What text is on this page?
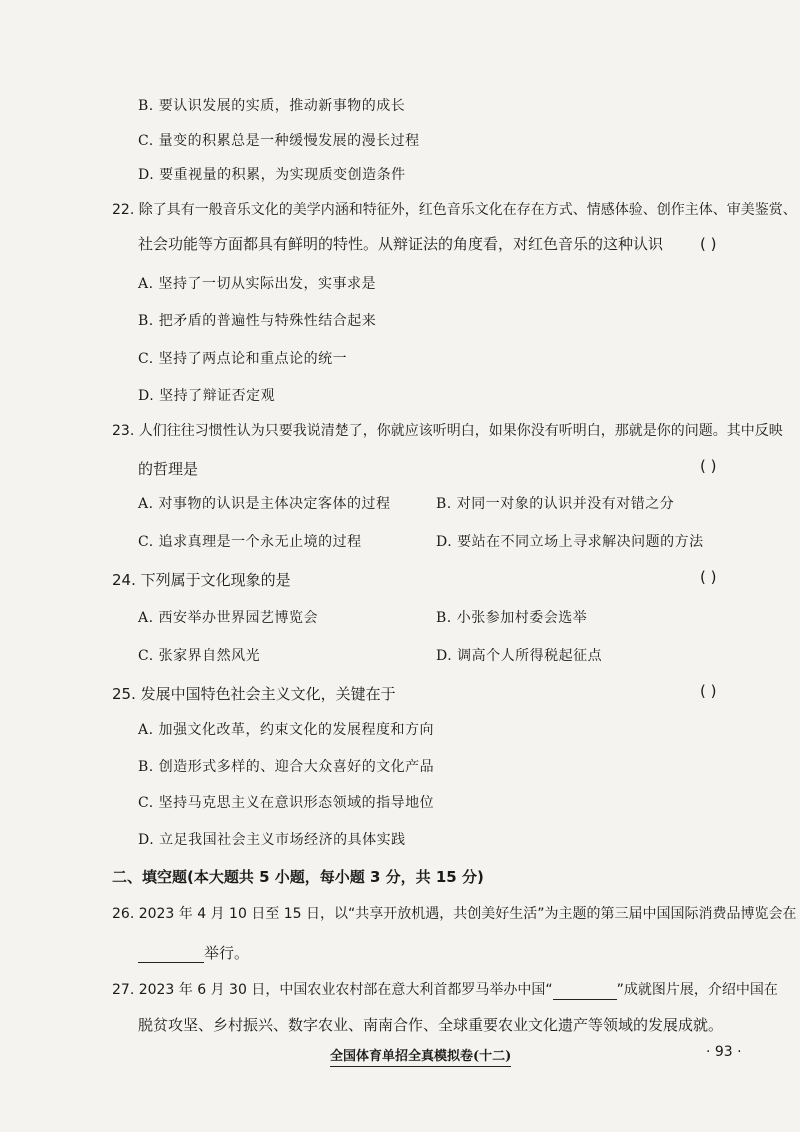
B. 要认识发展的实质，推动新事物的成长
C. 量变的积累总是一种缓慢发展的漫长过程
D. 要重视量的积累，为实现质变创造条件
22. 除了具有一般音乐文化的美学内涵和特征外，红色音乐文化在存在方式、情感体验、创作主体、审美鉴赏、
社会功能等方面都具有鲜明的特性。从辩证法的角度看，对红色音乐的这种认识 ( )
A. 坚持了一切从实际出发，实事求是
B. 把矛盾的普遍性与特殊性结合起来
C. 坚持了两点论和重点论的统一
D. 坚持了辩证否定观
23. 人们往往习惯性认为只要我说清楚了，你就应该听明白，如果你没有听明白，那就是你的问题。其中反映
的哲理是	( )
A. 对事物的认识是主体决定客体的过程	B. 对同一对象的认识并没有对错之分
C. 追求真理是一个永无止境的过程	D. 要站在不同立场上寻求解决问题的方法
24. 下列属于文化现象的是	( )
A. 西安举办世界园艺博览会	B. 小张参加村委会选举
C. 张家界自然风光	D. 调高个人所得税起征点
25. 发展中国特色社会主义文化，关键在于	( )
A. 加强文化改革，约束文化的发展程度和方向
B. 创造形式多样的、迎合大众喜好的文化产品
C. 坚持马克思主义在意识形态领域的指导地位
D. 立足我国社会主义市场经济的具体实践
二、填空题(本大题共 5 小题，每小题 3 分，共 15 分)
26. 2023 年 4 月 10 日至 15 日，以“共享开放机遇，共创美好生活”为主题的第三届中国国际消费品博览会在
举行。
27. 2023 年 6 月 30 日，中国农业农村部在意大利首都罗马举办中国“	”成就图片展，介绍中国在
脱贫攻坚、乡村振兴、数字农业、南南合作、全球重要农业文化遗产等领域的发展成就。
全国体育单招全真模拟卷(十二)	· 93 ·
